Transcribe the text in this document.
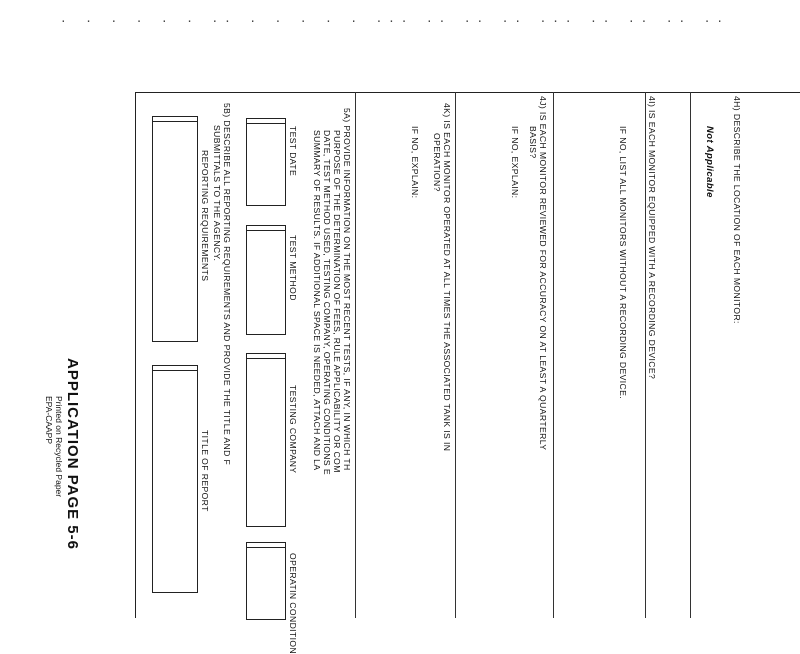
. . . . . . .. . . . . . ... .. .. .. ... .. .. .. ..
4H) DESCRIBE THE LOCATION OF EACH MONITOR:
Not Applicable
4I) IS EACH MONITOR EQUIPPED WITH A RECORDING DEVICE?
IF NO, LIST ALL MONITORS WITHOUT A RECORDING DEVICE.
4J) IS EACH MONITOR REVIEWED FOR ACCURACY ON AT LEAST A QUARTERLY
BASIS?
IF NO, EXPLAIN:
4K) IS EACH MONITOR OPERATED AT ALL TIMES THE ASSOCIATED TANK IS IN
OPERATION?
IF NO, EXPLAIN:
5A) PROVIDE INFORMATION ON THE MOST RECENT TESTS, IF ANY, IN WHICH TH
PURPOSE OF THE DETERMINATION OF FEES, RULE APPLICABILITY OR COM
DATE, TEST METHOD USED, TESTING COMPANY, OPERATING CONDITIONS E
SUMMARY OF RESULTS. IF ADDITIONAL SPACE IS NEEDED, ATTACH AND LA
TEST DATE
TEST METHOD
TESTING COMPANY
OPERATIN CONDITION
5B) DESCRIBE ALL REPORTING REQUIREMENTS AND PROVIDE THE TITLE AND F
SUBMITTALS TO THE AGENCY.
REPORTING REQUIREMENTS
TITLE OF REPORT
APPLICATION PAGE 5-6
Printed on Recycled Paper
EPA-CAAPP
